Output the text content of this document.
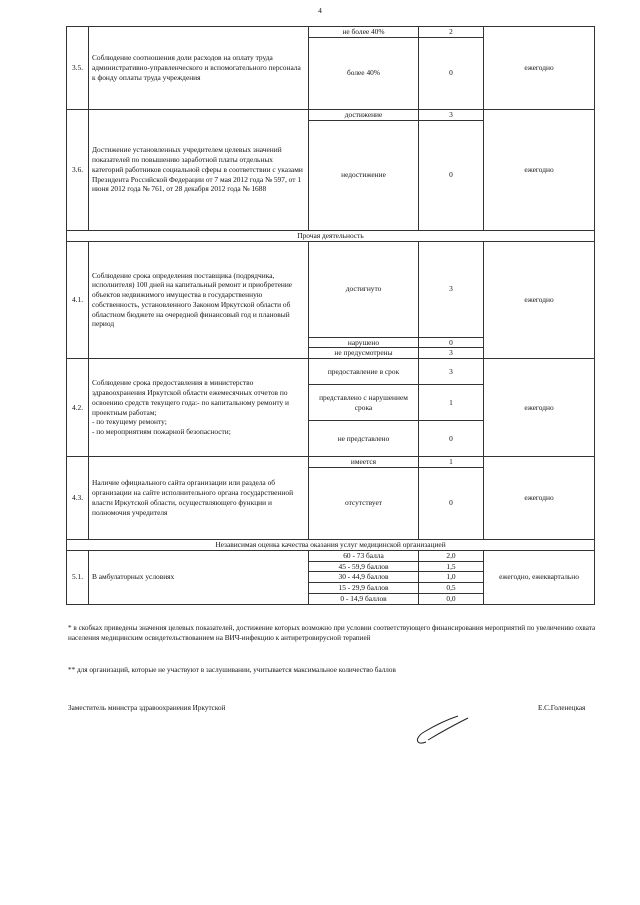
4
3.5.	Соблюдение соотношения доли расходов на оплату труда административно-управленческого и вспомогательного персонала к фонду оплаты труда учреждения	не более 40%	2	ежегодно
		более 40%	0	
3.6.	Достижение установленных учредителем целевых значений показателей по повышению заработной платы отдельных категорий работников социальной сферы в соответствии с указами Президента Российской Федерации от 7 мая 2012 года № 597, от 1 июня 2012 года № 761, от 28 декабря 2012 года № 1688	достижение	3	ежегодно
		недостижение	0	
Прочая деятельность				
4.1.	Соблюдение срока определения поставщика (подрядчика, исполнителя) 100 дней на капитальный ремонт и приобретение объектов недвижимого имущества в государственную собственность, установленного Законом Иркутской области об областном бюджете на очередной финансовый год и плановый период	достигнуто	3	ежегодно
		нарушено	0	
		не предусмотрены	3	
4.2.	Соблюдение срока предоставления в министерство здравоохранения Иркутской области ежемесячных отчетов по освоению средств текущего года:- по капитальному ремонту и проектным работам;
- по текущему ремонту;
- по мероприятиям пожарной безопасности;	предоставление в срок	3	ежегодно
		представлено с нарушением срока	1	
		не представлено	0	
4.3.	Наличие официального сайта организации или раздела об организации на сайте исполнительного органа государственной власти Иркутской области, осуществляющего функции и полномочия учредителя	имеется	1	ежегодно
		отсутствует	0	
Независимая оценка качества оказания услуг медицинской организацией				
5.1.	В амбулаторных условиях	60 - 73 балла	2,0	ежегодно, ежеквартально
		45 - 59,9 баллов	1,5	
		30 - 44,9 баллов	1,0	
		15 - 29,9 баллов	0,5	
		0 - 14,9 баллов	0,0	
* в скобках приведены значения целевых показателей, достижение которых возможно при условии соответствующего финансирования мероприятий по увеличению охвата населения медицинским освидетельствованием на ВИЧ-инфекцию к антиретровирусной терапией
** для организаций, которые не участвуют в заслушивании, учитывается максимальное количество баллов
Заместитель министра здравоохранения Иркутской	Е.С.Голенецкая
